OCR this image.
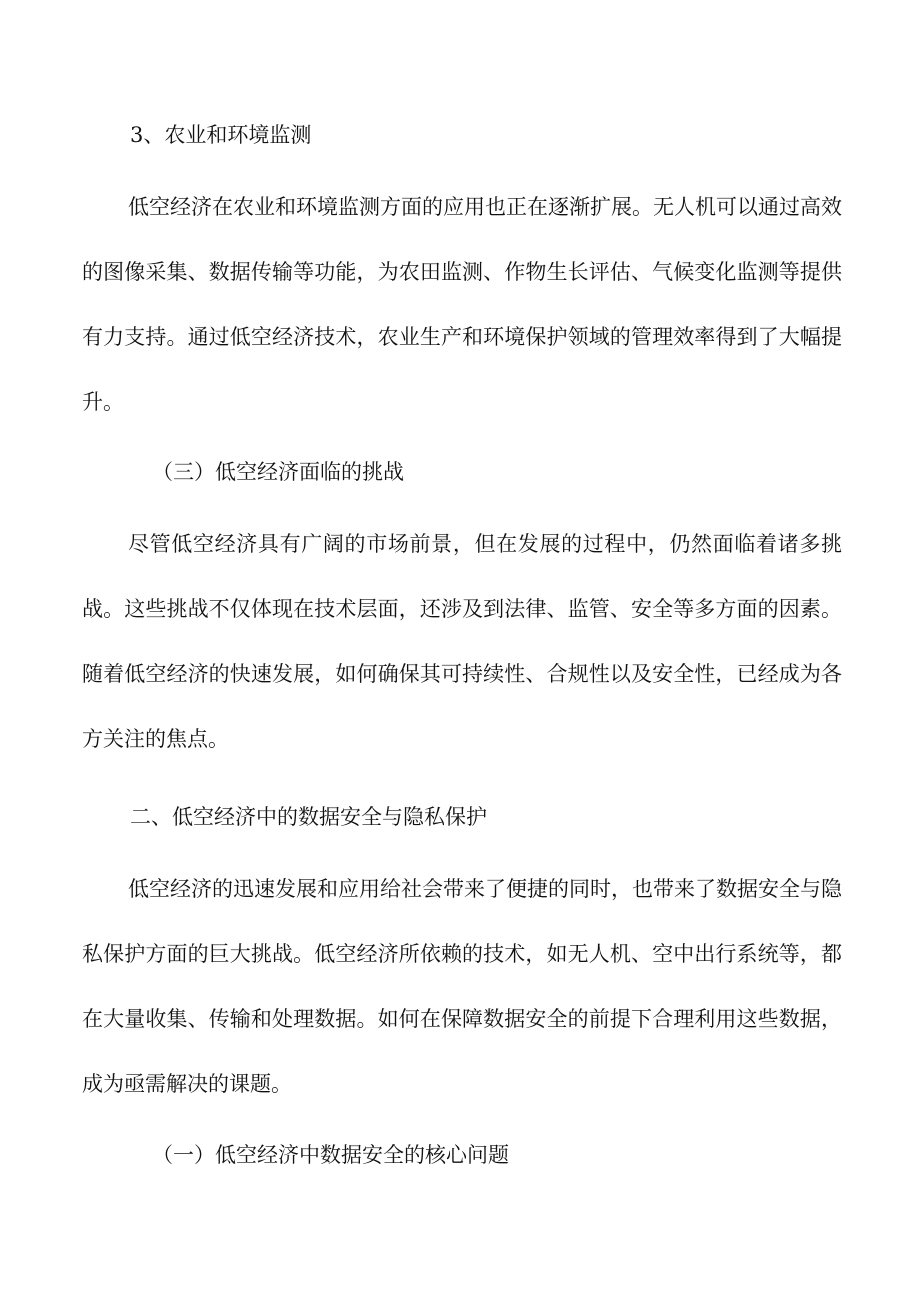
3、农业和环境监测

低空经济在农业和环境监测方面的应用也正在逐渐扩展。无人机可以通过高效的图像采集、数据传输等功能，为农田监测、作物生长评估、气候变化监测等提供有力支持。通过低空经济技术，农业生产和环境保护领域的管理效率得到了大幅提升。

（三）低空经济面临的挑战

尽管低空经济具有广阔的市场前景，但在发展的过程中，仍然面临着诸多挑战。这些挑战不仅体现在技术层面，还涉及到法律、监管、安全等多方面的因素。随着低空经济的快速发展，如何确保其可持续性、合规性以及安全性，已经成为各方关注的焦点。

二、低空经济中的数据安全与隐私保护

低空经济的迅速发展和应用给社会带来了便捷的同时，也带来了数据安全与隐私保护方面的巨大挑战。低空经济所依赖的技术，如无人机、空中出行系统等，都在大量收集、传输和处理数据。如何在保障数据安全的前提下合理利用这些数据，成为亟需解决的课题。

（一）低空经济中数据安全的核心问题
